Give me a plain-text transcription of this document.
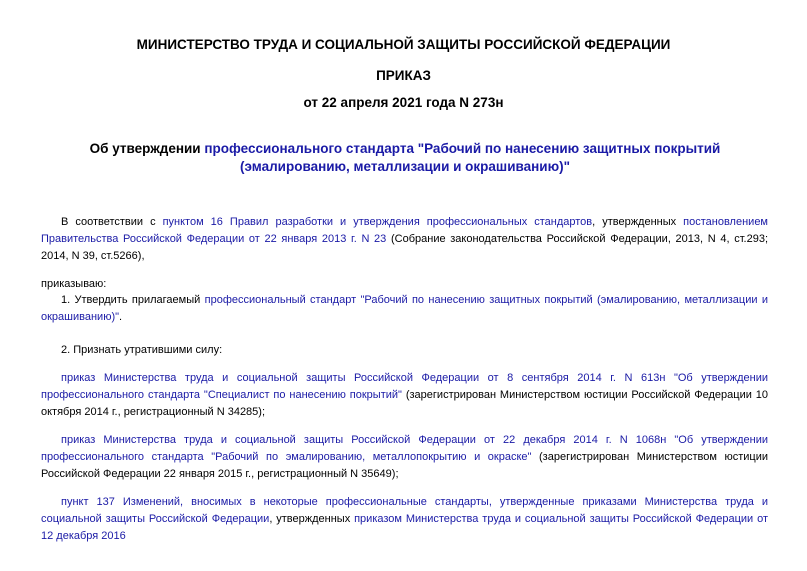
МИНИСТЕРСТВО ТРУДА И СОЦИАЛЬНОЙ ЗАЩИТЫ РОССИЙСКОЙ ФЕДЕРАЦИИ
ПРИКАЗ
от 22 апреля 2021 года N 273н
Об утверждении профессионального стандарта "Рабочий по нанесению защитных покрытий (эмалированию, металлизации и окрашиванию)"
В соответствии с пунктом 16 Правил разработки и утверждения профессиональных стандартов, утвержденных постановлением Правительства Российской Федерации от 22 января 2013 г. N 23 (Собрание законодательства Российской Федерации, 2013, N 4, ст.293; 2014, N 39, ст.5266),
приказываю:
1. Утвердить прилагаемый профессиональный стандарт "Рабочий по нанесению защитных покрытий (эмалированию, металлизации и окрашиванию)".
2. Признать утратившими силу:
приказ Министерства труда и социальной защиты Российской Федерации от 8 сентября 2014 г. N 613н "Об утверждении профессионального стандарта "Специалист по нанесению покрытий" (зарегистрирован Министерством юстиции Российской Федерации 10 октября 2014 г., регистрационный N 34285);
приказ Министерства труда и социальной защиты Российской Федерации от 22 декабря 2014 г. N 1068н "Об утверждении профессионального стандарта "Рабочий по эмалированию, металлопокрытию и окраске" (зарегистрирован Министерством юстиции Российской Федерации 22 января 2015 г., регистрационный N 35649);
пункт 137 Изменений, вносимых в некоторые профессиональные стандарты, утвержденные приказами Министерства труда и социальной защиты Российской Федерации, утвержденных приказом Министерства труда и социальной защиты Российской Федерации от 12 декабря 2016
